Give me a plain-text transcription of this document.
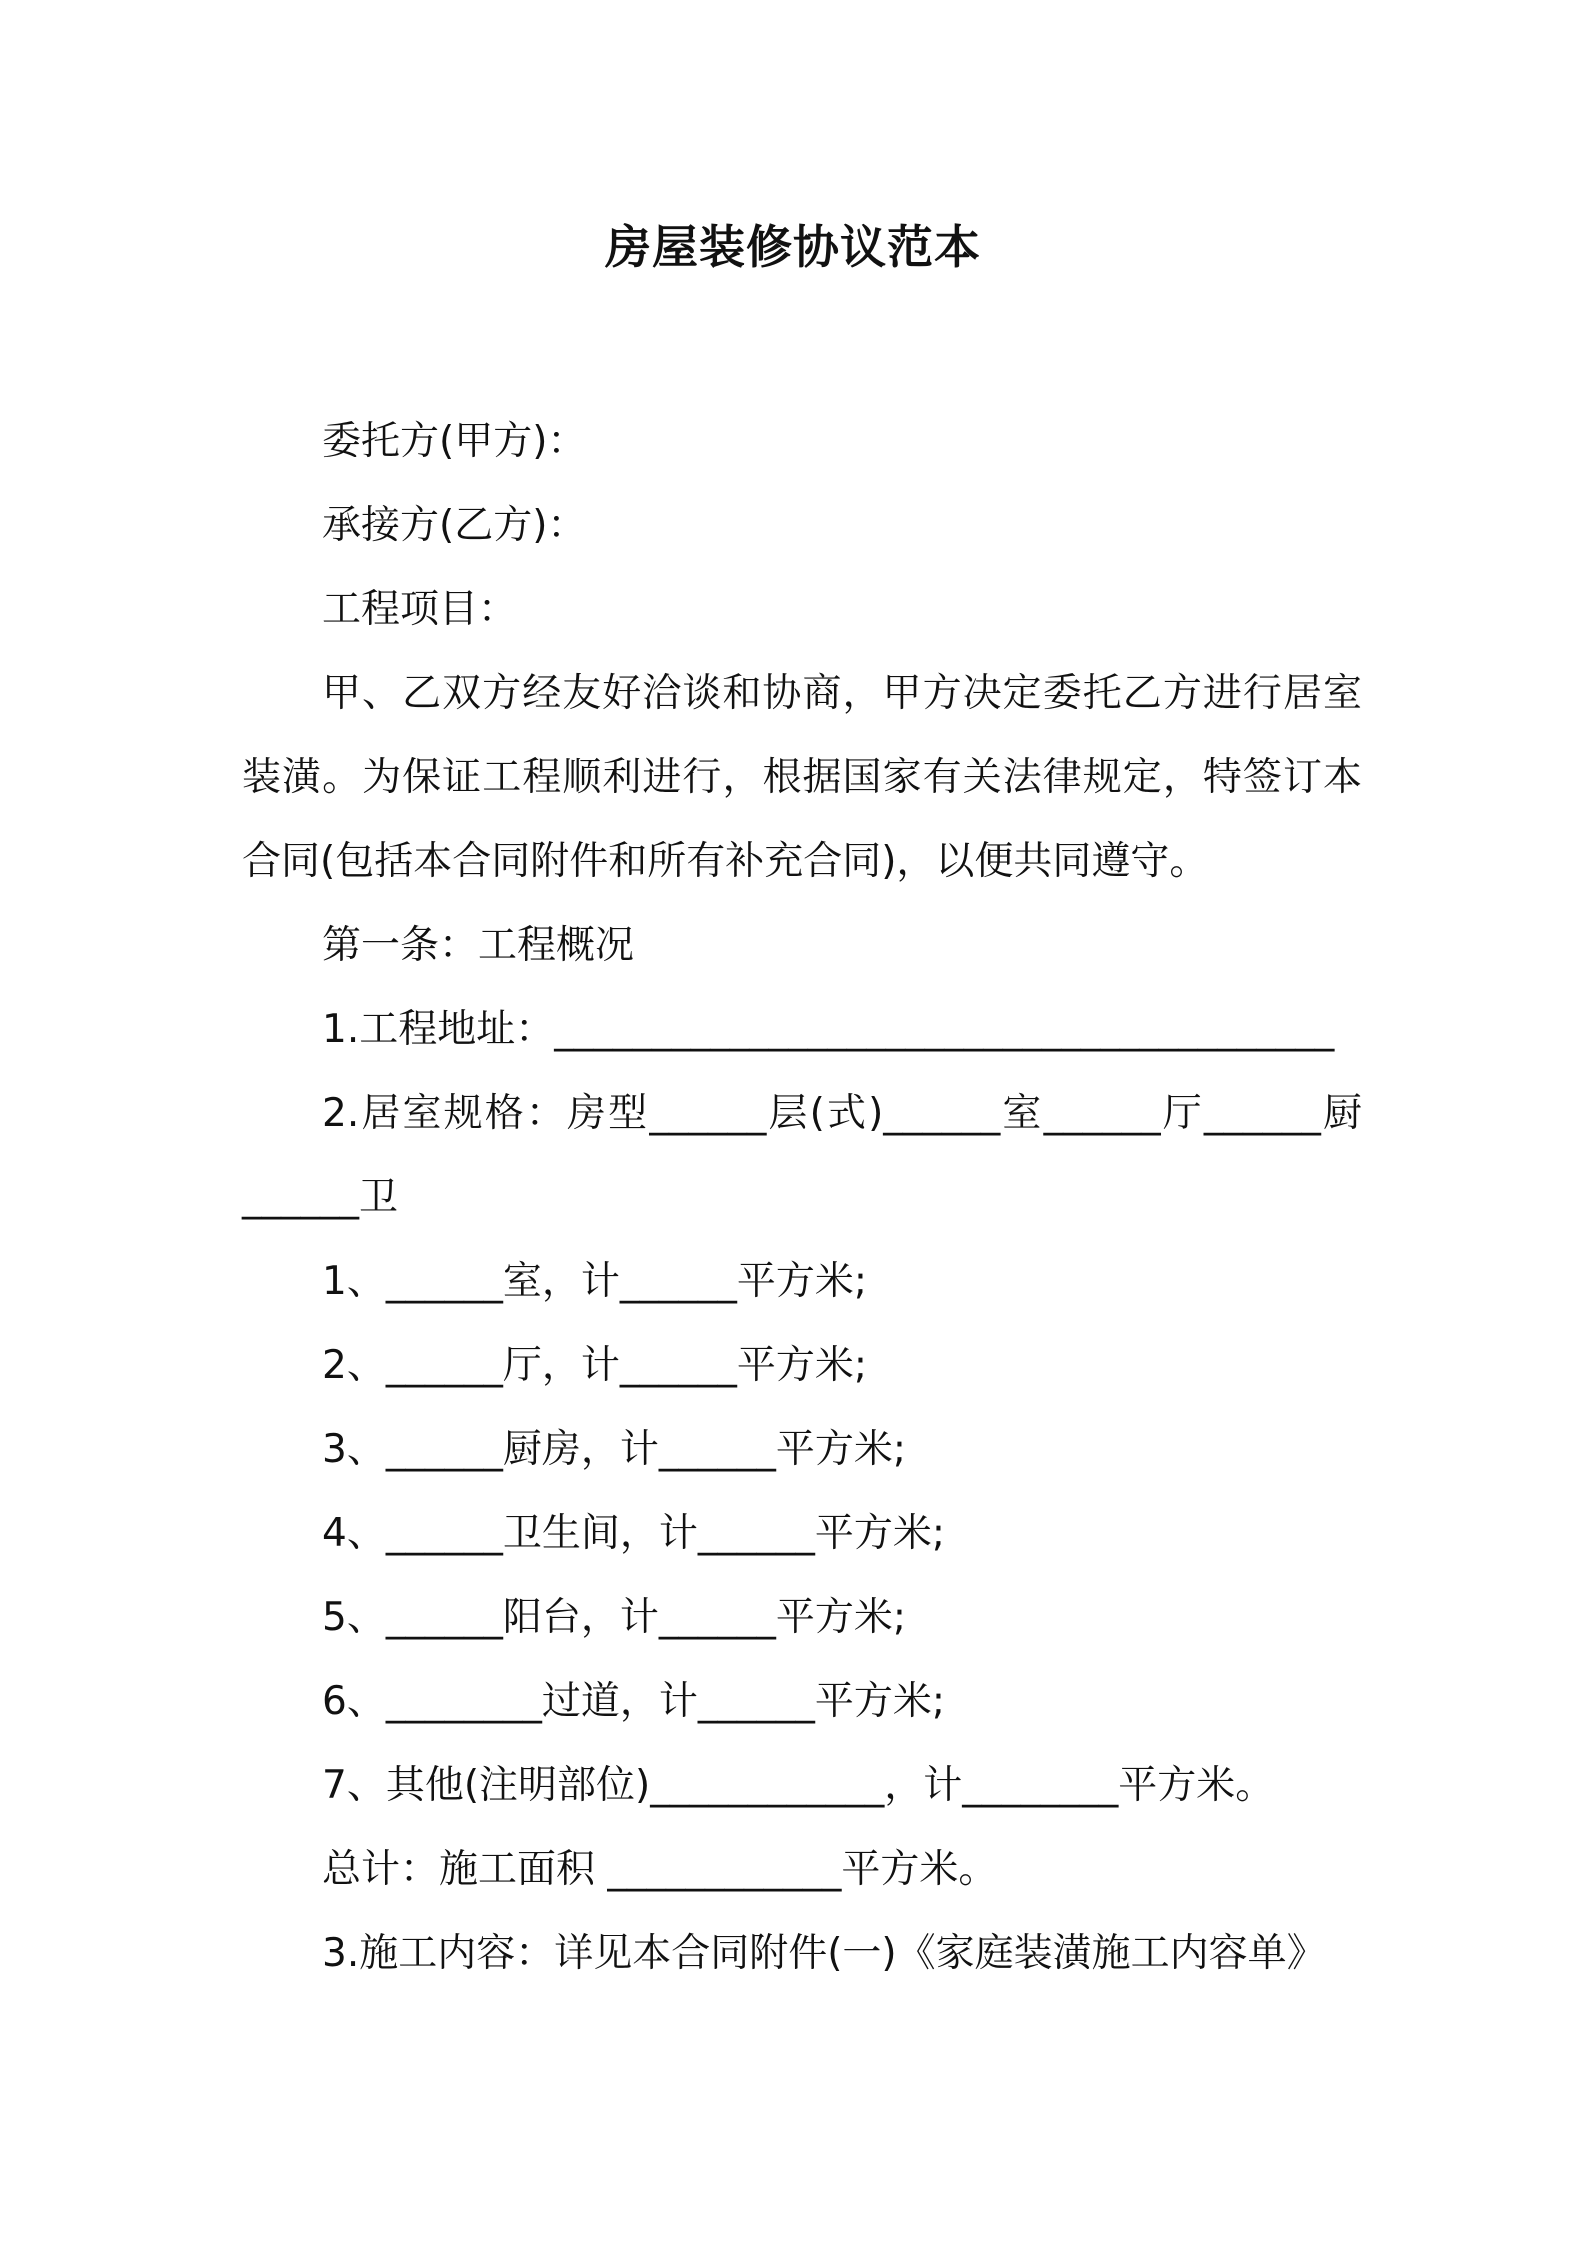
房屋装修协议范本

委托方(甲方)：

承接方(乙方)：

工程项目：

甲、乙双方经友好洽谈和协商，甲方决定委托乙方进行居室装潢。为保证工程顺利进行，根据国家有关法律规定，特签订本合同(包括本合同附件和所有补充合同)，以便共同遵守。

第一条：工程概况

1.工程地址：________________________________________

2.居室规格：房型______层(式)______室______厅______厨______卫

1、______室，计______平方米;

2、______厅，计______平方米;

3、______厨房，计______平方米;

4、______卫生间，计______平方米;

5、______阳台，计______平方米;

6、________过道，计______平方米;

7、其他(注明部位)____________，计________平方米。

总计：施工面积 ____________平方米。

3.施工内容：详见本合同附件(一)《家庭装潢施工内容单》
